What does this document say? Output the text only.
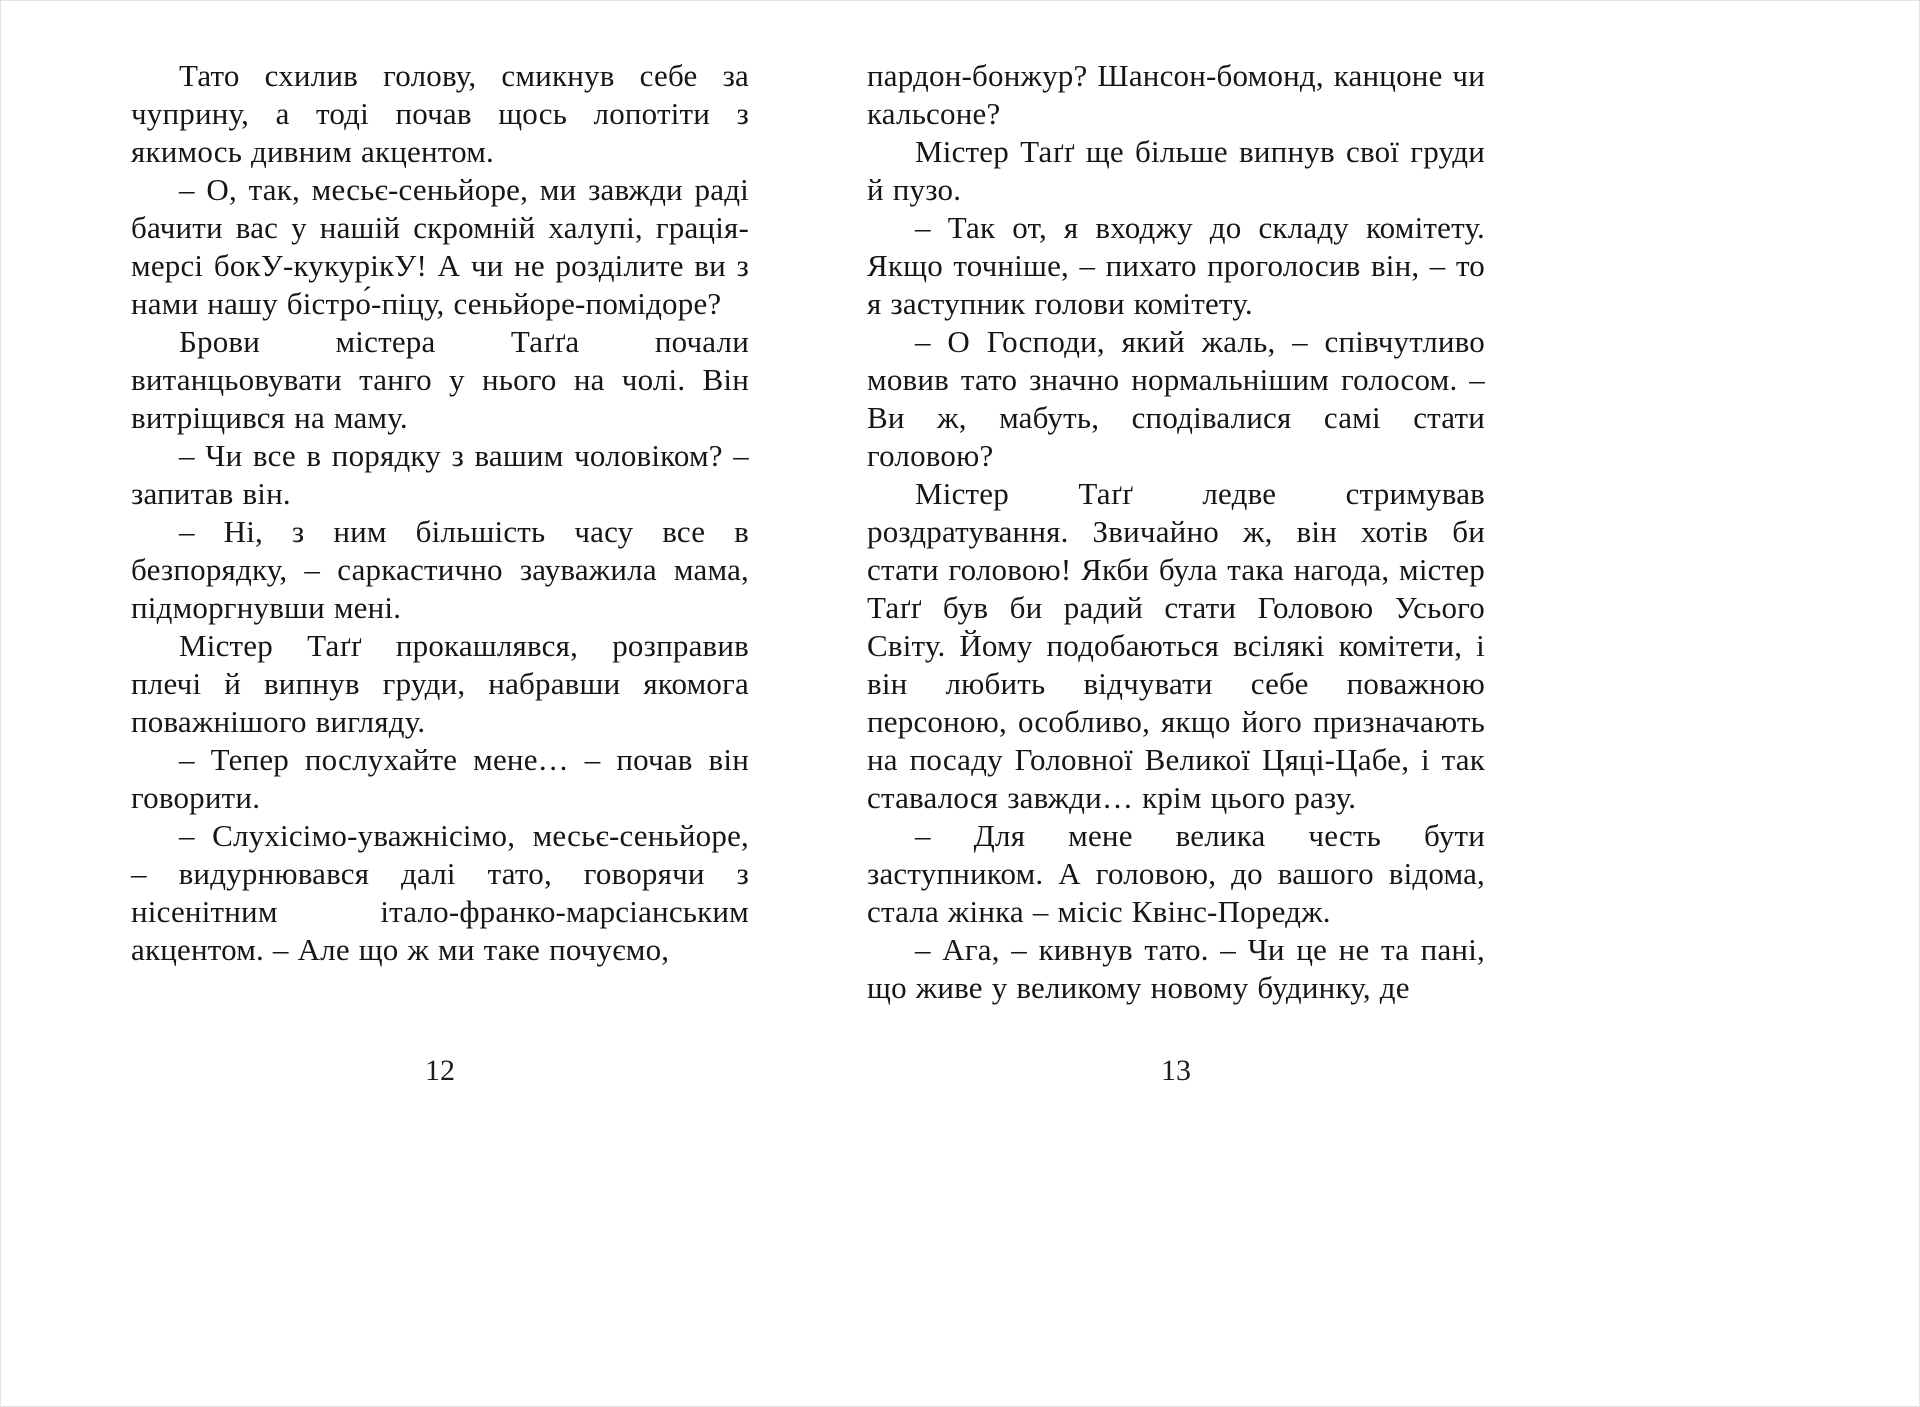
Тато схилив голову, смикнув себе за чуприну, а тоді почав щось лопотіти з якимось дивним акцентом.

– О, так, месьє-сеньйоре, ми завжди раді бачити вас у нашій скромній халупі, грація-мерсі бокУ-кукурікУ! А чи не розділите ви з нами нашу бістро́-піцу, сеньйоре-помідоре?

Брови містера Таґґа почали витанцьовувати танго у нього на чолі. Він витріщився на маму.

– Чи все в порядку з вашим чоловіком? – запитав він.

– Ні, з ним більшість часу все в безпорядку, – саркастично зауважила мама, підморгнувши мені.

Містер Таґґ прокашлявся, розправив плечі й випнув груди, набравши якомога поважнішого вигляду.

– Тепер послухайте мене… – почав він говорити.

– Слухісімо-уважнісімо, месьє-сеньйоре, – видурнювався далі тато, говорячи з нісенітним італо-франко-марсіанським акцентом. – Але що ж ми таке почуємо,

пардон-бонжур? Шансон-бомонд, канцоне чи кальсоне?

Містер Таґґ ще більше випнув свої груди й пузо.

– Так от, я входжу до складу комітету. Якщо точніше, – пихато проголосив він, – то я заступник голови комітету.

– О Господи, який жаль, – співчутливо мовив тато значно нормальнішим голосом. – Ви ж, мабуть, сподівалися самі стати головою?

Містер Таґґ ледве стримував роздратування. Звичайно ж, він хотів би стати головою! Якби була така нагода, містер Таґґ був би радий стати Головою Усього Світу. Йому подобаються всілякі комітети, і він любить відчувати себе поважною персоною, особливо, якщо його призначають на посаду Головної Великої Цяці-Цабе, і так ставалося завжди… крім цього разу.

– Для мене велика честь бути заступником. А головою, до вашого відома, стала жінка – місіс Квінс-Поредж.

– Ага, – кивнув тато. – Чи це не та пані, що живе у великому новому будинку, де

12	13
